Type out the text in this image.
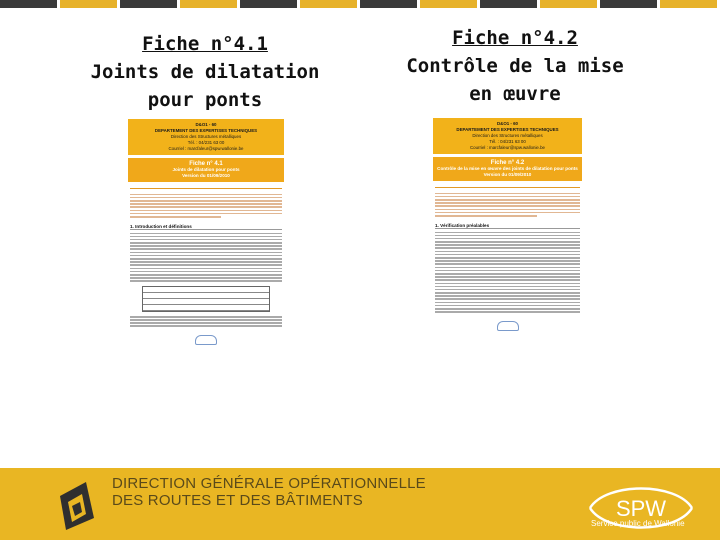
Fiche n°4.1
Joints de dilatation
pour ponts
Fiche n°4.2
Contrôle de la mise
en œuvre
D&O1 - 60
DEPARTEMENT DES EXPERTISES TECHNIQUES
Direction des Structures métalliques
Tél. : 04/231 63 00
Courriel : marcfaleur@spw.wallonie.be
Fiche n° 4.1
Joints de dilatation pour ponts
Version du 01/09/2010
1. Introduction et définitions
D&O1 - 60
DEPARTEMENT DES EXPERTISES TECHNIQUES
Direction des Structures métalliques
Tél. : 04/231 63 00
Courriel : marcfaleur@spw.wallonie.be
Fiche n° 4.2
Contrôle de la mise en œuvre des joints de dilatation pour ponts
Version du 01/09/2010
1. Vérification préalables
DIRECTION GÉNÉRALE OPÉRATIONNELLE
DES ROUTES ET DES BÂTIMENTS	SPW
Service public de Wallonie
